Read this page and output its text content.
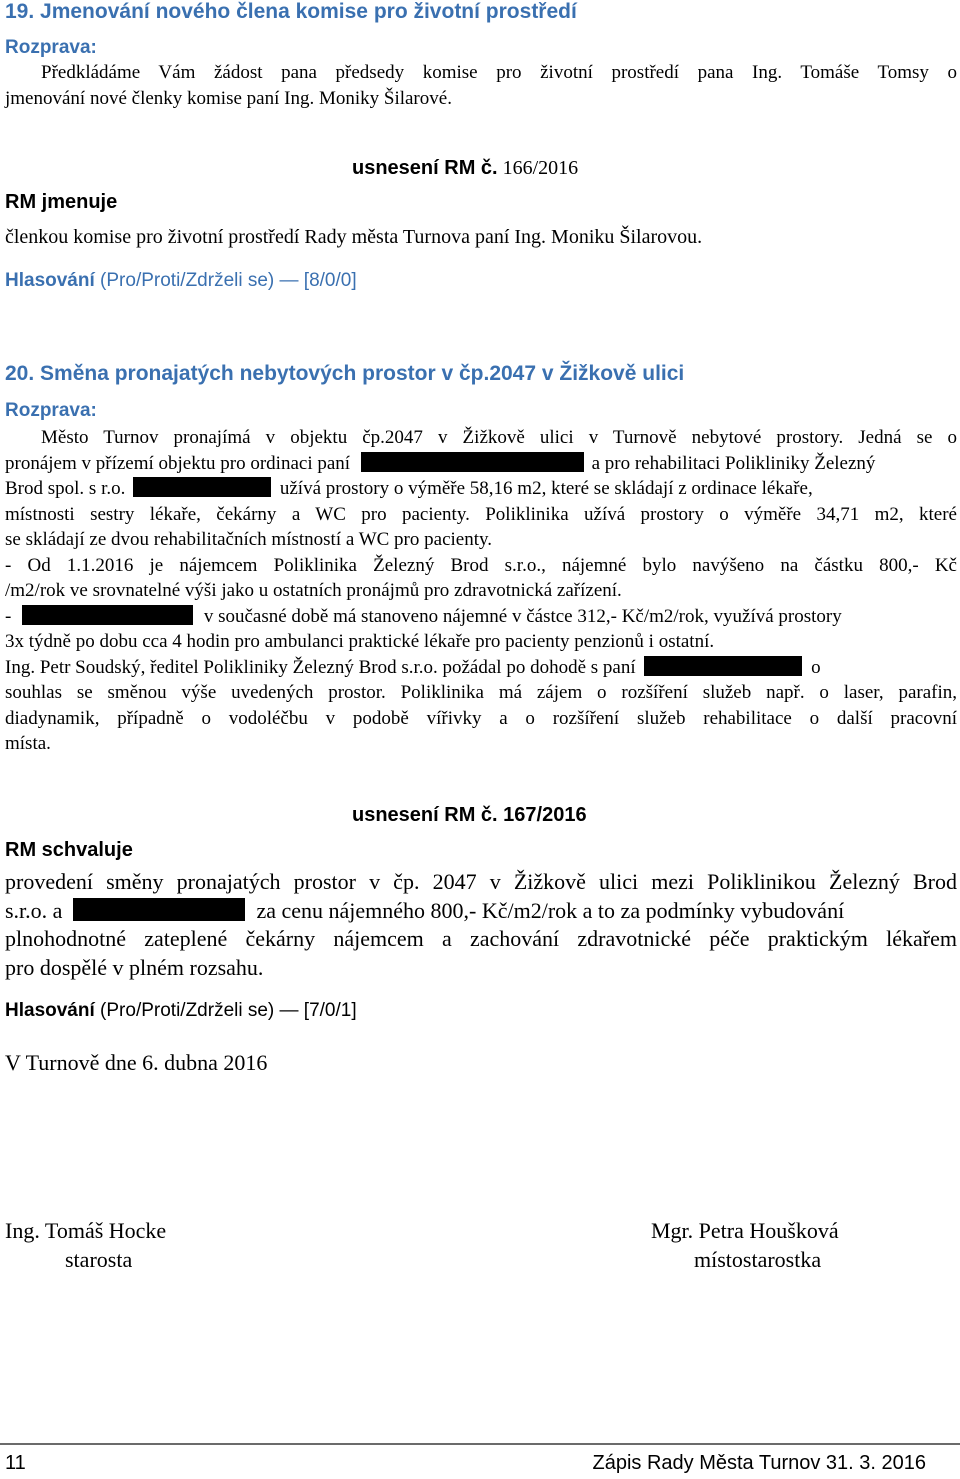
19. Jmenování nového člena komise pro životní prostředí
Rozprava:
Předkládáme Vám žádost pana předsedy komise pro životní prostředí pana Ing. Tomáše Tomsy o
jmenování nové členky komise paní Ing. Moniky Šilarové.
usnesení RM č. 166/2016
RM jmenuje
členkou komise pro životní prostředí Rady města Turnova paní Ing. Moniku Šilarovou.
Hlasování (Pro/Proti/Zdrželi se) — [8/0/0]
20. Směna pronajatých nebytových prostor v čp.2047 v Žižkově ulici
Rozprava:
Město Turnov pronajímá v objektu čp.2047 v Žižkově ulici v Turnově nebytové prostory. Jedná se o
pronájem v přízemí objektu pro ordinaci paní	a pro rehabilitaci Polikliniky Železný
Brod spol. s r.o.	užívá prostory o výměře 58,16 m2, které se skládají z ordinace lékaře,
místnosti sestry lékaře, čekárny a WC pro pacienty. Poliklinika užívá prostory o výměře 34,71 m2, které
se skládají ze dvou rehabilitačních místností a WC pro pacienty.
- Od 1.1.2016 je nájemcem Poliklinika Železný Brod s.r.o., nájemné bylo navýšeno na částku 800,- Kč
/m2/rok ve srovnatelné výši jako u ostatních pronájmů pro zdravotnická zařízení.
-	v současné době má stanoveno nájemné v částce 312,- Kč/m2/rok, využívá prostory
3x týdně po dobu cca 4 hodin pro ambulanci praktické lékaře pro pacienty penzionů i ostatní.
Ing. Petr Soudský, ředitel Polikliniky Železný Brod s.r.o. požádal po dohodě s paní	o
souhlas se směnou výše uvedených prostor. Poliklinika má zájem o rozšíření služeb např. o laser, parafin,
diadynamik, případně o vodoléčbu v podobě vířivky a o rozšíření služeb rehabilitace o další pracovní
místa.
usnesení RM č. 167/2016
RM schvaluje
provedení směny pronajatých prostor v čp. 2047 v Žižkově ulici mezi Poliklinikou Železný Brod
s.r.o. a	za cenu nájemného 800,- Kč/m2/rok a to za podmínky vybudování
plnohodnotné zateplené čekárny nájemcem a zachování zdravotnické péče praktickým lékařem
pro dospělé v plném rozsahu.
Hlasování (Pro/Proti/Zdrželi se) — [7/0/1]
V Turnově dne 6. dubna 2016
Ing. Tomáš Hocke
starosta
Mgr. Petra Houšková
místostarostka
11	Zápis Rady Města Turnov 31. 3. 2016
